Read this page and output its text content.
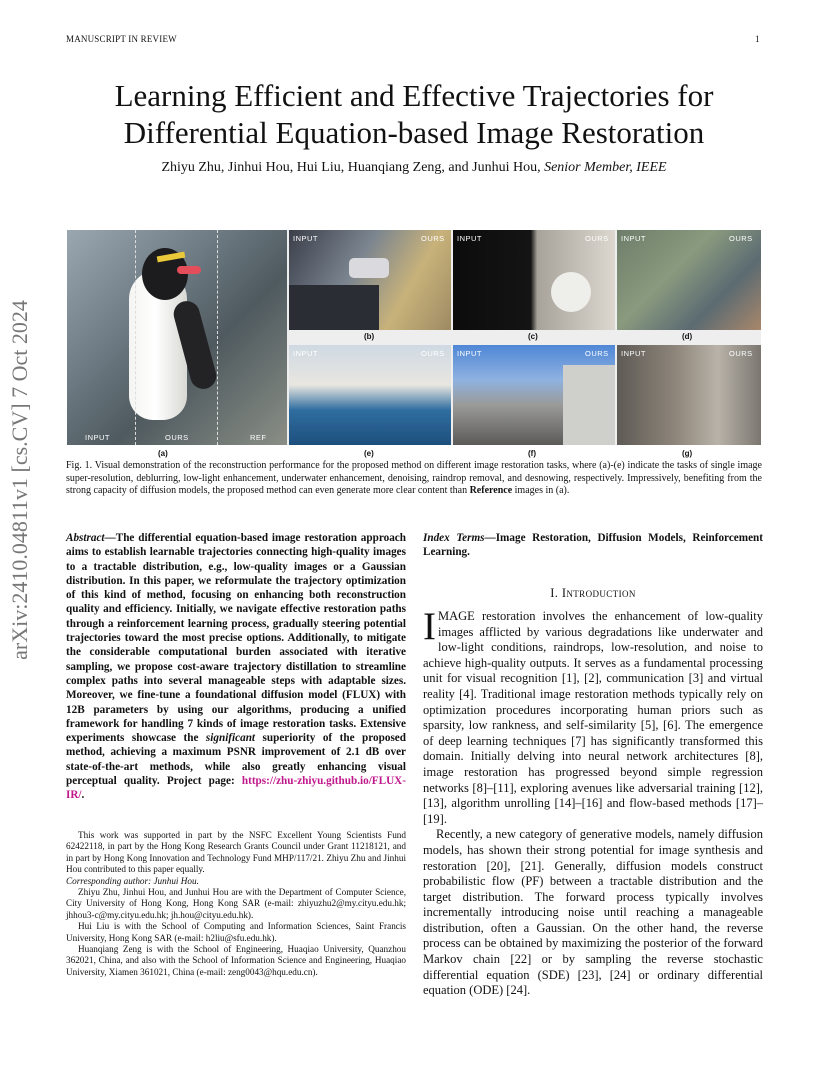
MANUSCRIPT IN REVIEW	1
arXiv:2410.04811v1 [cs.CV] 7 Oct 2024
Learning Efficient and Effective Trajectories for Differential Equation-based Image Restoration
Zhiyu Zhu, Jinhui Hou, Hui Liu, Huanqiang Zeng, and Junhui Hou, Senior Member, IEEE
INPUT	OURS	REF
INPUT	OURS INPUT	OURS INPUT	OURS
INPUT	OURS INPUT	OURS INPUT	OURS
(a)
(b)	(c)	(d)
(e)	(f)	(g)
Fig. 1. Visual demonstration of the reconstruction performance for the proposed method on different image restoration tasks, where (a)-(e) indicate the tasks of single image super-resolution, deblurring, low-light enhancement, underwater enhancement, denoising, raindrop removal, and desnowing, respectively. Impressively, benefiting from the strong capacity of diffusion models, the proposed method can even generate more clear content than Reference images in (a).
Abstract—The differential equation-based image restoration approach aims to establish learnable trajectories connecting high-quality images to a tractable distribution, e.g., low-quality images or a Gaussian distribution. In this paper, we reformulate the trajectory optimization of this kind of method, focusing on enhancing both reconstruction quality and efficiency. Initially, we navigate effective restoration paths through a reinforcement learning process, gradually steering potential trajectories toward the most precise options. Additionally, to mitigate the considerable computational burden associated with iterative sampling, we propose cost-aware trajectory distillation to streamline complex paths into several manageable steps with adaptable sizes. Moreover, we fine-tune a foundational diffusion model (FLUX) with 12B parameters by using our algorithms, producing a unified framework for handling 7 kinds of image restoration tasks. Extensive experiments showcase the significant superiority of the proposed method, achieving a maximum PSNR improvement of 2.1 dB over state-of-the-art methods, while also greatly enhancing visual perceptual quality. Project page: https://zhu-zhiyu.github.io/FLUX-IR/.

This work was supported in part by the NSFC Excellent Young Scientists Fund 62422118, in part by the Hong Kong Research Grants Council under Grant 11218121, and in part by Hong Kong Innovation and Technology Fund MHP/117/21. Zhiyu Zhu and Jinhui Hou contributed to this paper equally.

Corresponding author: Junhui Hou.

Zhiyu Zhu, Jinhui Hou, and Junhui Hou are with the Department of Computer Science, City University of Hong Kong, Hong Kong SAR (e-mail: zhiyuzhu2@my.cityu.edu.hk; jhhou3-c@my.cityu.edu.hk; jh.hou@cityu.edu.hk).

Hui Liu is with the School of Computing and Information Sciences, Saint Francis University, Hong Kong SAR (e-mail: h2liu@sfu.edu.hk).

Huanqiang Zeng is with the School of Engineering, Huaqiao University, Quanzhou 362021, China, and also with the School of Information Science and Engineering, Huaqiao University, Xiamen 361021, China (e-mail: zeng0043@hqu.edu.cn).

Index Terms—Image Restoration, Diffusion Models, Reinforcement Learning.
I. Introduction

IMAGE restoration involves the enhancement of low-quality images afflicted by various degradations like underwater and low-light conditions, raindrops, low-resolution, and noise to achieve high-quality outputs. It serves as a fundamental processing unit for visual recognition [1], [2], communication [3] and virtual reality [4]. Traditional image restoration methods typically rely on optimization procedures incorporating human priors such as sparsity, low rankness, and self-similarity [5], [6]. The emergence of deep learning techniques [7] has significantly transformed this domain. Initially delving into neural network architectures [8], image restoration has progressed beyond simple regression networks [8]–[11], exploring avenues like adversarial training [12], [13], algorithm unrolling [14]–[16] and flow-based methods [17]–[19].

Recently, a new category of generative models, namely diffusion models, has shown their strong potential for image synthesis and restoration [20], [21]. Generally, diffusion models construct probabilistic flow (PF) between a tractable distribution and the target distribution. The forward process typically involves incrementally introducing noise until reaching a manageable distribution, often a Gaussian. On the other hand, the reverse process can be obtained by maximizing the posterior of the forward Markov chain [22] or by sampling the reverse stochastic differential equation (SDE) [23], [24] or ordinary differential equation (ODE) [24].
